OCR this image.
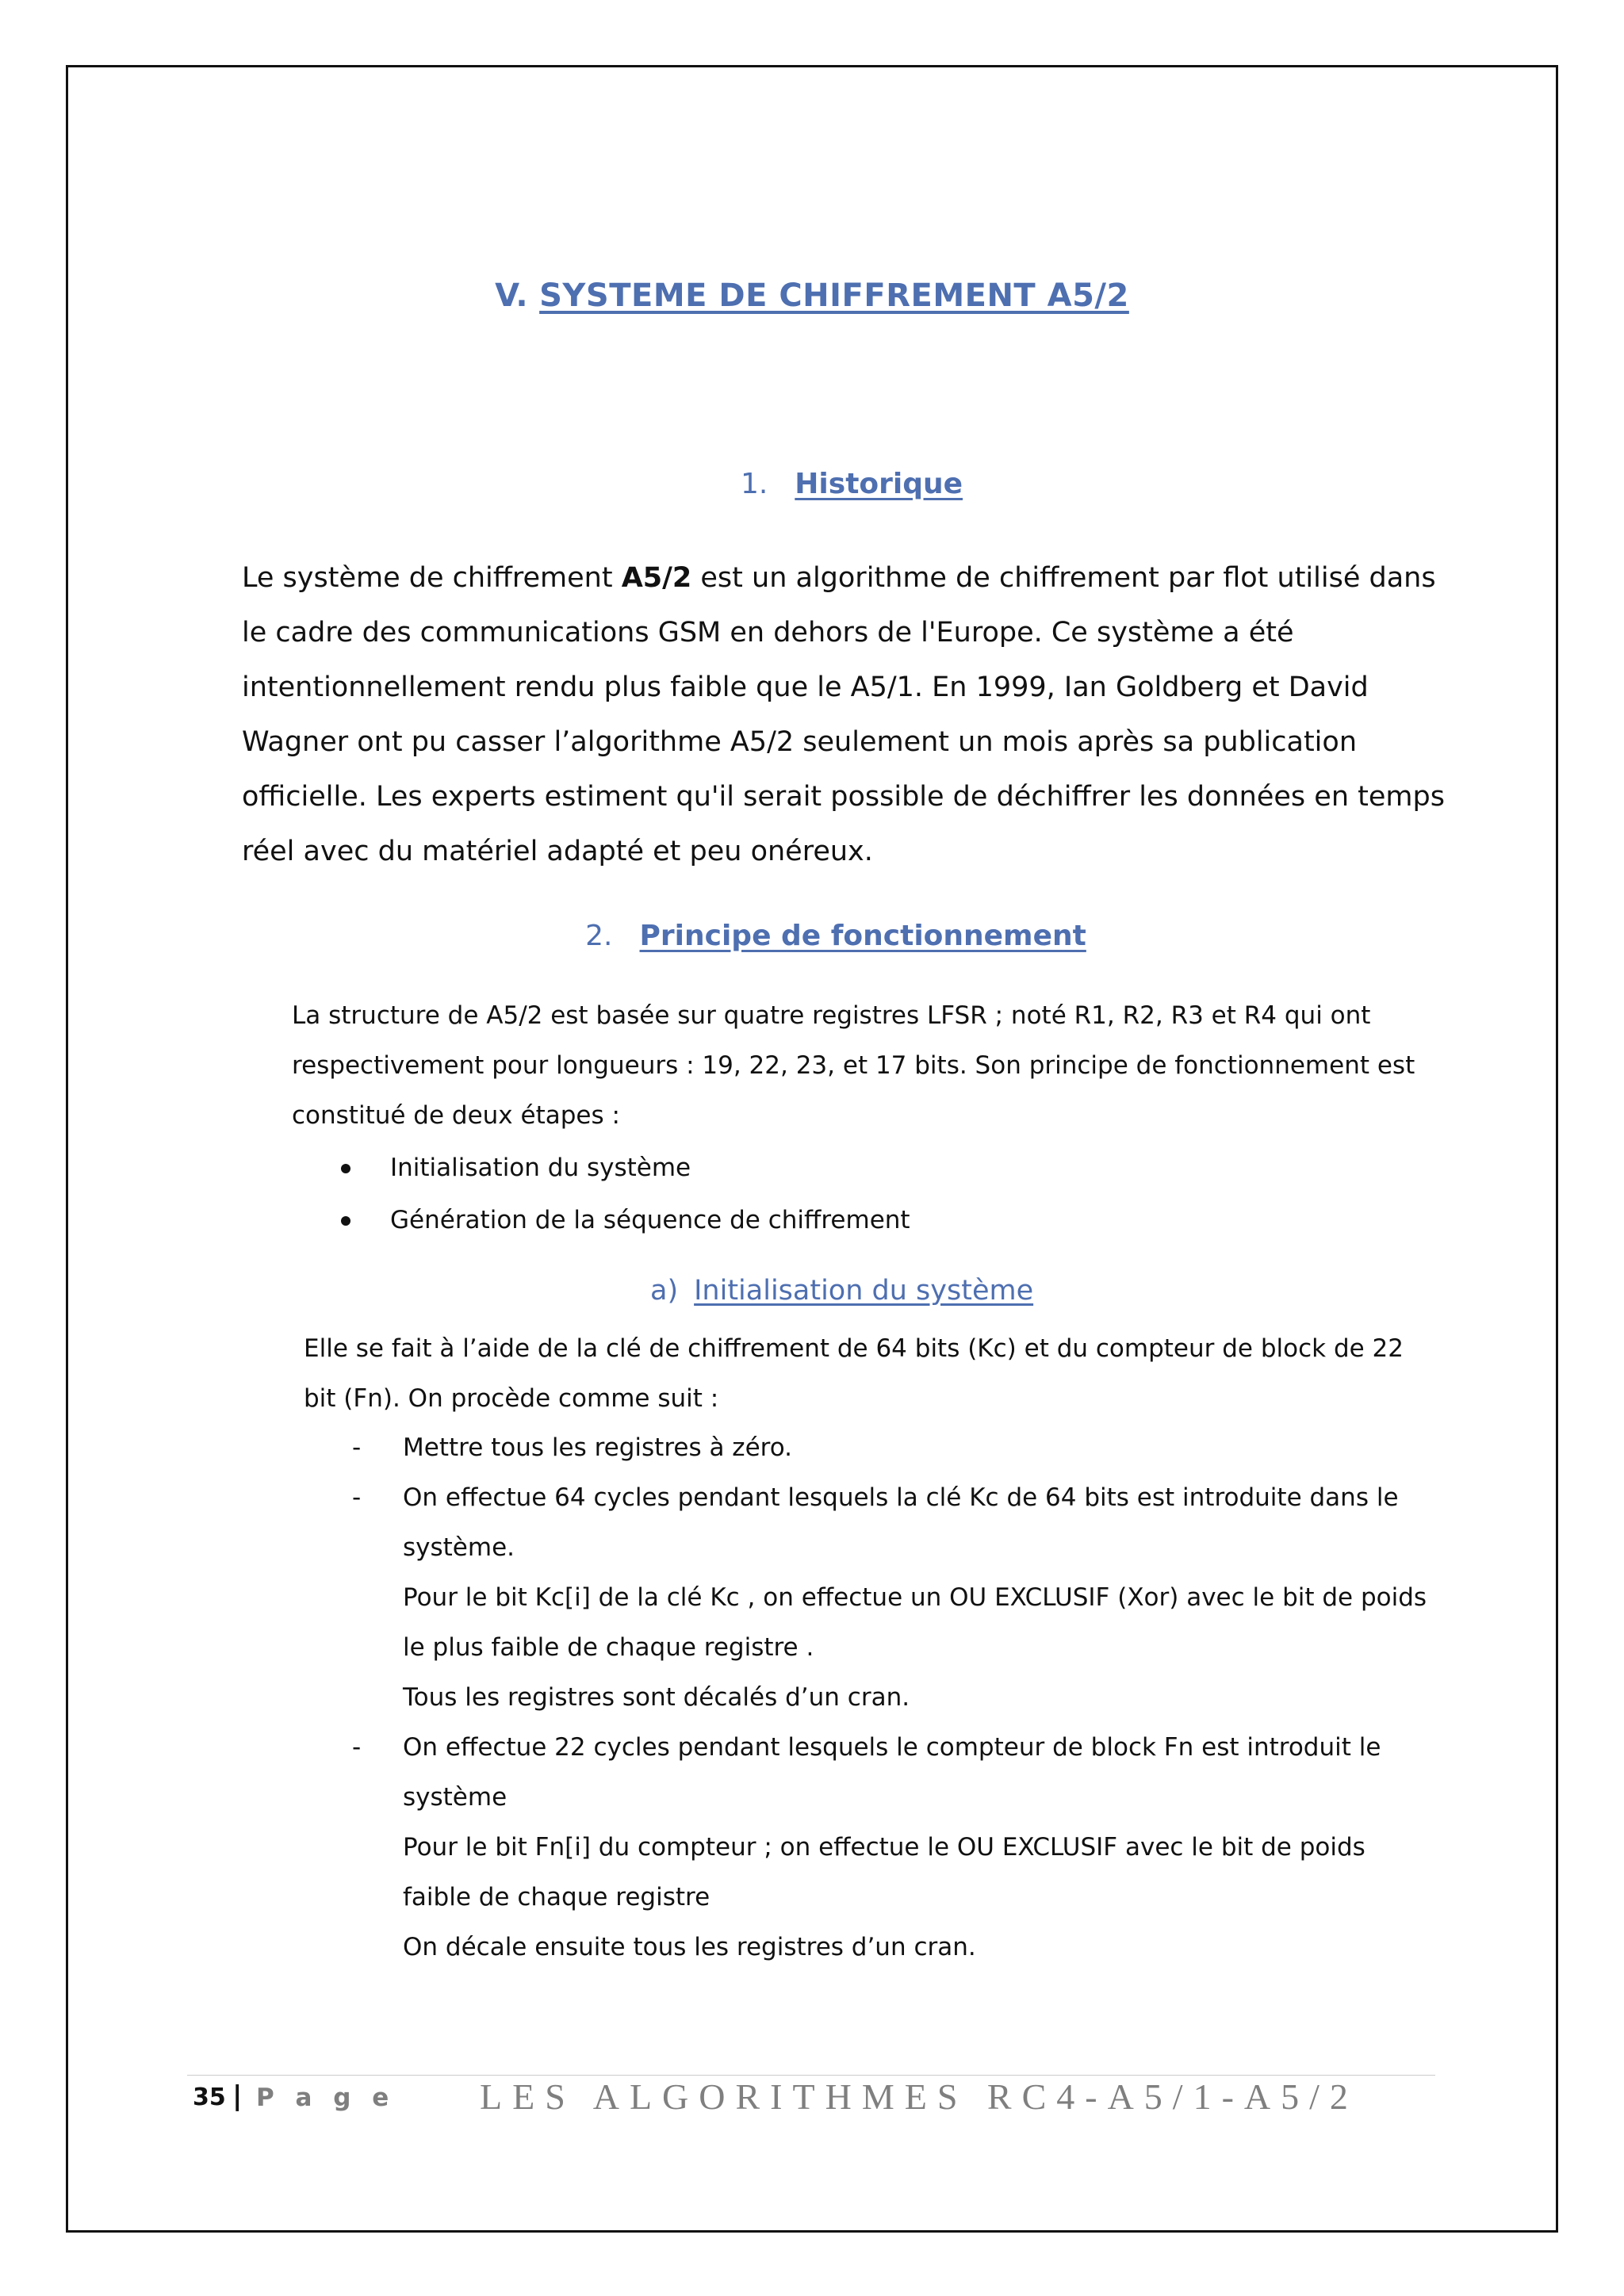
V. SYSTEME DE CHIFFREMENT A5/2
1. Historique

Le système de chiffrement A5/2 est un algorithme de chiffrement par flot utilisé dans le cadre des communications GSM en dehors de l'Europe. Ce système a été intentionnellement rendu plus faible que le A5/1. En 1999, Ian Goldberg et David Wagner ont pu casser l’algorithme A5/2 seulement un mois après sa publication officielle. Les experts estiment qu'il serait possible de déchiffrer les données en temps réel avec du matériel adapté et peu onéreux.

2. Principe de fonctionnement

La structure de A5/2 est basée sur quatre registres LFSR ; noté R1, R2, R3 et R4 qui ont respectivement pour longueurs : 19, 22, 23, et 17 bits. Son principe de fonctionnement est constitué de deux étapes :

Initialisation du système
Génération de la séquence de chiffrement
a) Initialisation du système

Elle se fait à l’aide de la clé de chiffrement de 64 bits (Kc) et du compteur de block de 22 bit (Fn). On procède comme suit :

- Mettre tous les registres à zéro.
- On effectue 64 cycles pendant lesquels la clé Kc de 64 bits est introduite dans le système.
Pour le bit Kc[i] de la clé Kc , on effectue un OU EXCLUSIF (Xor) avec le bit de poids le plus faible de chaque registre .
Tous les registres sont décalés d’un cran.
- On effectue 22 cycles pendant lesquels le compteur de block Fn est introduit le système
Pour le bit Fn[i] du compteur ; on effectue le OU EXCLUSIF avec le bit de poids faible de chaque registre
On décale ensuite tous les registres d’un cran.
35 | P a g e LES ALGORITHMES RC4-A5/1-A5/2
